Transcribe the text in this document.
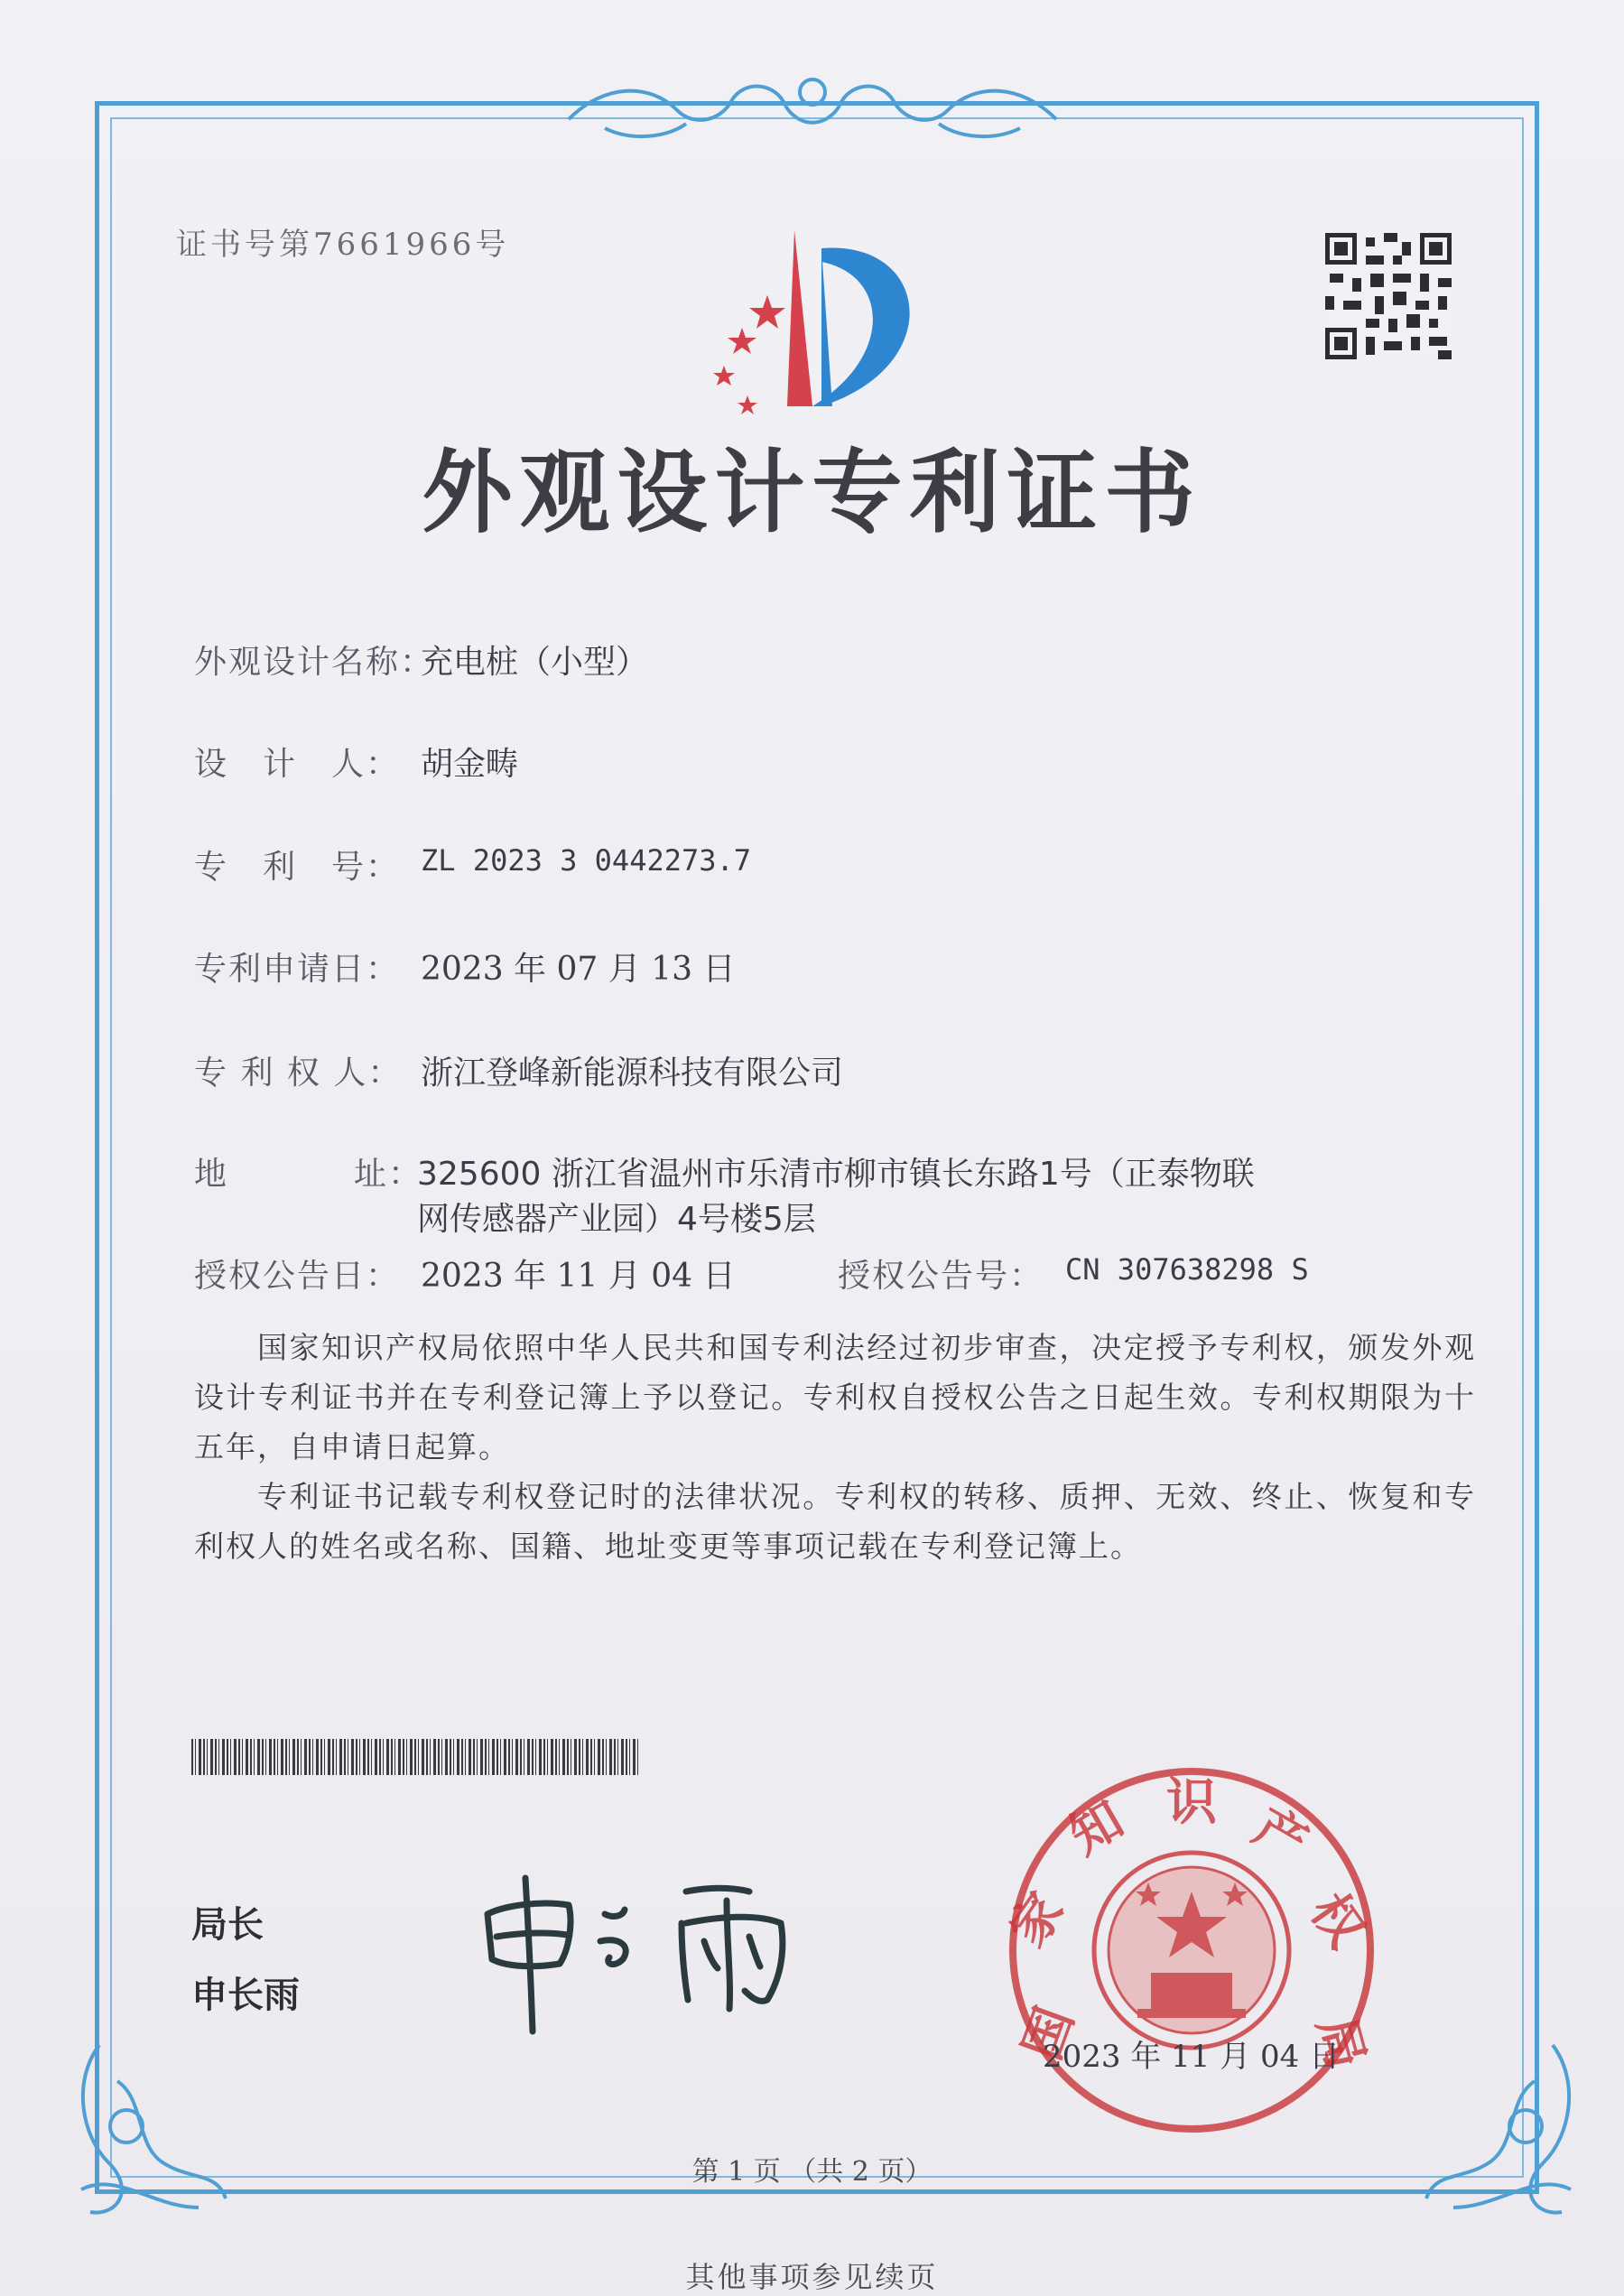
证书号第7661966号
外观设计专利证书
外观设计名称：
充电桩（小型）
设　计　人： 胡金畴
专　利　号： ZL 2023 3 0442273.7
专利申请日： 2023 年 07 月 13 日
专 利 权 人： 浙江登峰新能源科技有限公司
地	址：
325600 浙江省温州市乐清市柳市镇长东路1号（正泰物联
网传感器产业园）4号楼5层
授权公告日： 2023 年 11 月 04 日	授权公告号： CN 307638298 S
国家知识产权局依照中华人民共和国专利法经过初步审查，决定授予专利权，颁发外观设计专利证书并在专利登记簿上予以登记。专利权自授权公告之日起生效。专利权期限为十五年，自申请日起算。
专利证书记载专利权登记时的法律状况。专利权的转移、质押、无效、终止、恢复和专利权人的姓名或名称、国籍、地址变更等事项记载在专利登记簿上。
局长
申长雨
国
家
知 识 产
权
局
2023 年 11 月 04 日
第 1 页 （共 2 页）
其他事项参见续页
